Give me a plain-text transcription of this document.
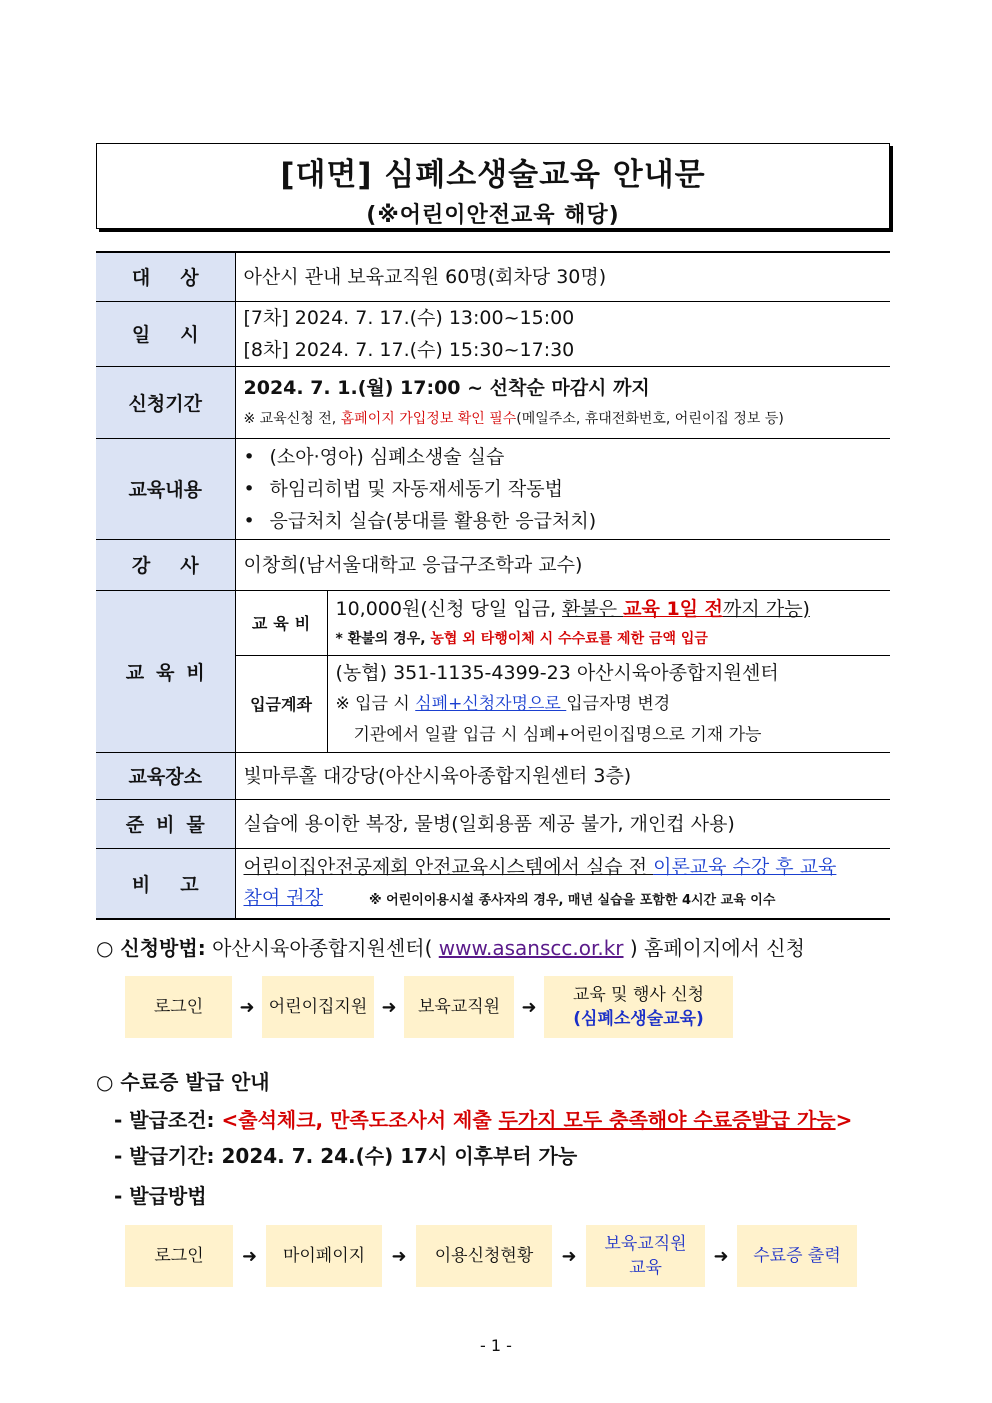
[대면] 심폐소생술교육 안내문
(※어린이안전교육 해당)
대상	아산시 관내 보육교직원 60명(회차당 30명)	

일시	[7차] 2024. 7. 17.(수) 13:00~15:00
[8차] 2024. 7. 17.(수) 15:30~17:30	

신청기간	2024. 7. 1.(월) 17:00 ~ 선착순 마감시 까지
※ 교육신청 전, 홈페이지 가입정보 확인 필수(메일주소, 휴대전화번호, 어린이집 정보 등)	

교육내용	• (소아·영아) 심폐소생술 실습
• 하임리히법 및 자동재세동기 작동법
• 응급처치 실습(붕대를 활용한 응급처치)

강사	이창희(남서울대학교 응급구조학과 교수)	

교육비	교육비	10,000원(신청 당일 입금, 환불은 교육 1일 전까지 가능)
* 환불의 경우, 농협 외 타행이체 시 수수료를 제한 금액 입금

	입금계좌	(농협) 351-1135-4399-23 아산시육아종합지원센터
※ 입금 시 심폐+신청자명으로 입금자명 변경
기관에서 일괄 입금 시 심폐+어린이집명으로 기재 가능

교육장소	빛마루홀 대강당(아산시육아종합지원센터 3층)	

준비물	실습에 용이한 복장, 물병(일회용품 제공 불가, 개인컵 사용)	

비고	어린이집안전공제회 안전교육시스템에서 실습 전 이론교육 수강 후 교육
참여 권장 ※ 어린이이용시설 종사자의 경우, 매년 실습을 포함한 4시간 교육 이수	
○ 신청방법: 아산시육아종합지원센터( www.asanscc.or.kr ) 홈페이지에서 신청
로그인	➜ 어린이집지원 ➜	보육교직원	➜
교육 및 행사 신청
(심폐소생술교육)
○ 수료증 발급 안내
- 발급조건: <출석체크, 만족도조사서 제출 두가지 모두 충족해야 수료증발급 가능>
- 발급기간: 2024. 7. 24.(수) 17시 이후부터 가능
- 발급방법
로그인	➜	마이페이지	➜	이용신청현황	➜
보육교직원
교육
➜	수료증 출력
- 1 -
